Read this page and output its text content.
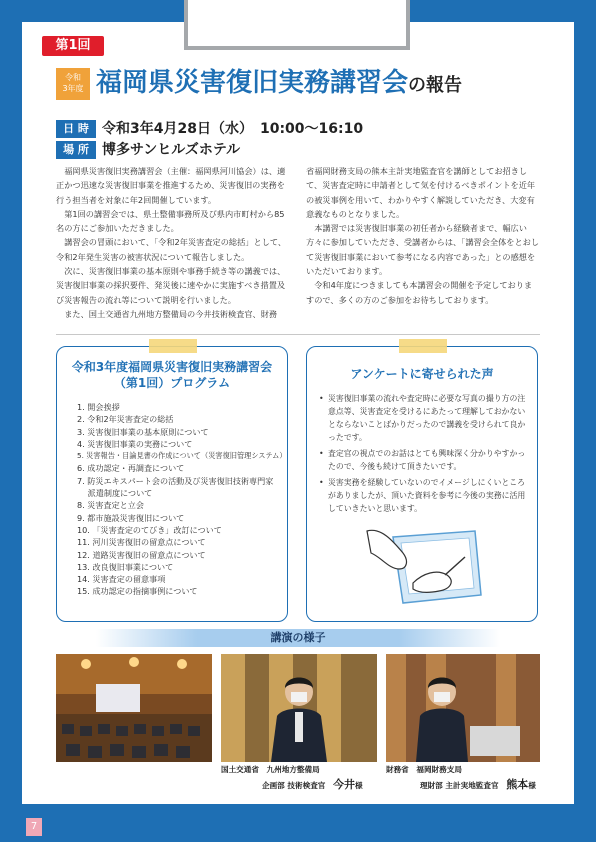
第1回
令和
3年度 福岡県災害復旧実務講習会の報告
日 時 令和3年4月28日（水）　10:00〜16:10
場 所 博多サンヒルズホテル

　福岡県災害復旧実務講習会（主催：福岡県河川協会）は、適正かつ迅速な災害復旧事業を推進するため、災害復旧の実務を行う担当者を対象に年2回開催しています。

　第1回の講習会では、県土整備事務所及び県内市町村から85名の方にご参加いただきました。

　講習会の冒頭において、「令和2年災害査定の総括」として、令和2年発生災害の被害状況について報告しました。

　次に、災害復旧事業の基本原則や事務手続き等の講義では、災害復旧事業の採択要件、発災後に速やかに実施すべき措置及び災害報告の流れ等について説明を行いました。

　また、国土交通省九州地方整備局の今井技術検査官、財務

省福岡財務支局の熊本主計実地監査官を講師としてお招きして、災害査定時に申請者として気を付けるべきポイントを近年の被災事例を用いて、わかりやすく解説していただき、大変有意義なものとなりました。

　本講習では災害復旧事業の初任者から経験者まで、幅広い方々に参加していただき、受講者からは、「講習会全体をとおして災害復旧事業において参考になる内容であった」との感想をいただいております。

　令和4年度につきましても本講習会の開催を予定しておりますので、多くの方のご参加をお待ちしております。

令和3年度福岡県災害復旧実務講習会
（第1回）プログラム
1. 開会挨拶
2. 令和2年災害査定の総括
3. 災害復旧事業の基本原則について
4. 災害復旧事業の実務について
5. 災害報告・目論見書の作成について（災害復旧管理システム）
6. 成功認定・再調査について
7. 防災エキスパート会の活動及び災害復旧技術専門家
　 派遣制度について
8. 災害査定と立会
9. 都市施設災害復旧について
10. 「災害査定のてびき」改訂について
11. 河川災害復旧の留意点について
12. 道路災害復旧の留意点について
13. 改良復旧事業について
14. 災害査定の留意事項
15. 成功認定の指摘事例について
アンケートに寄せられた声
• 災害復旧事業の流れや査定時に必要な写真の撮り方の注意点等、災害査定を受けるにあたって理解しておかないとならないことばかりだったので講義を受けられて良かったです。
• 査定官の視点でのお話はとても興味深く分かりやすかったので、今後も続けて頂きたいです。
• 災害実務を経験していないのでイメージしにくいところがありましたが、頂いた資料を参考に今後の実務に活用していきたいと思います。
講演の様子
国土交通省　九州地方整備局
企画部 技術検査官　 今井様
財務省　福岡財務支局
理財部 主計実地監査官　 熊本様
7
